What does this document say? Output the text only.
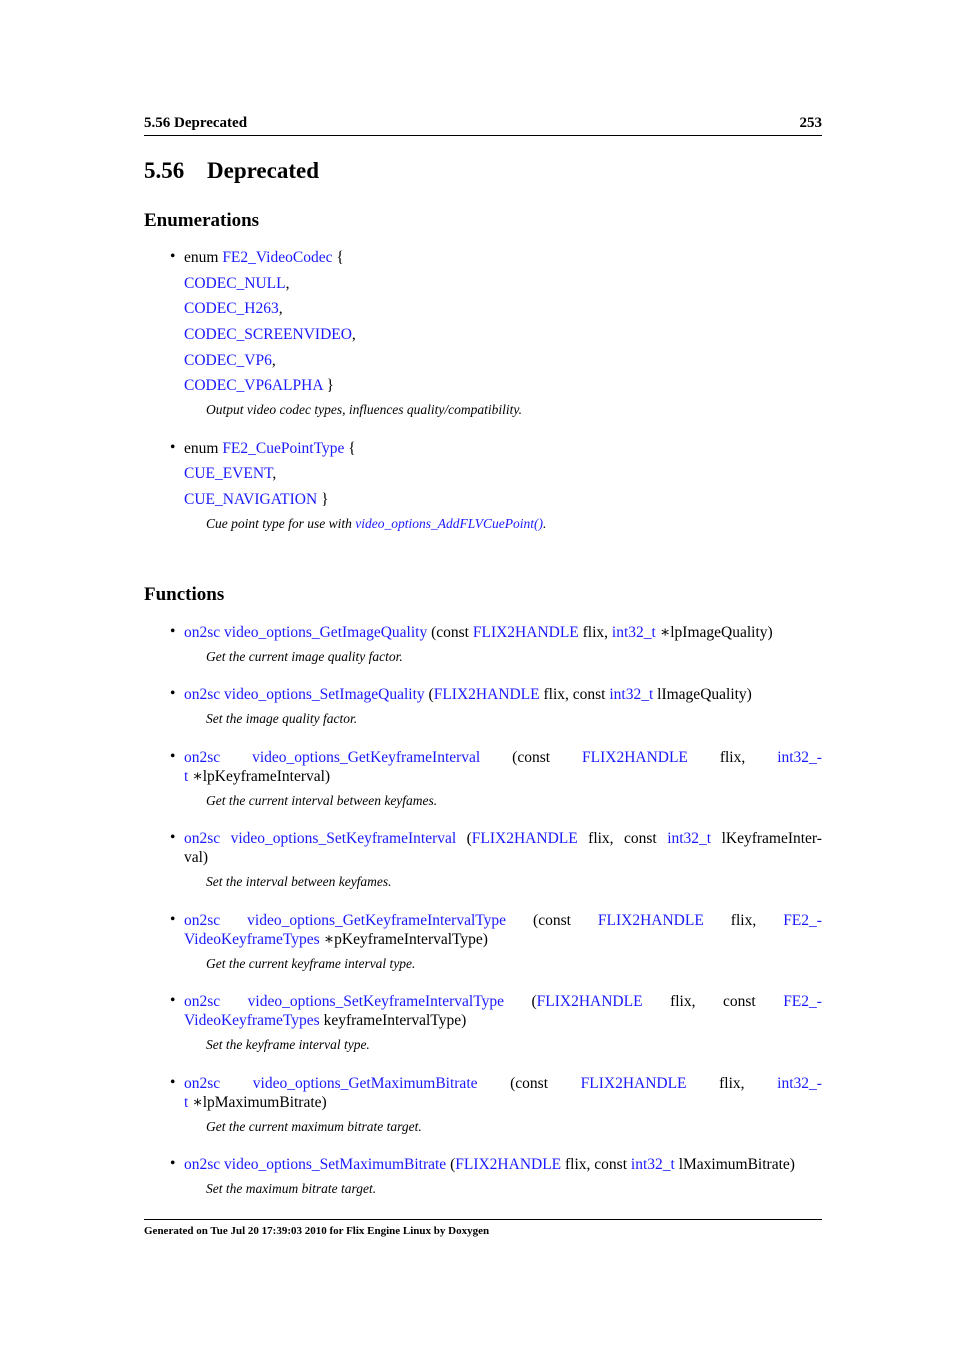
5.56 Deprecated	253
5.56 Deprecated
Enumerations
• enum FE2_VideoCodec {
CODEC_NULL,
CODEC_H263,
CODEC_SCREENVIDEO,
CODEC_VP6,
CODEC_VP6ALPHA }
Output video codec types, influences quality/compatibility.
• enum FE2_CuePointType {
CUE_EVENT,
CUE_NAVIGATION }
Cue point type for use with video_options_AddFLVCuePoint().
Functions
• on2sc video_options_GetImageQuality (const FLIX2HANDLE flix, int32_t ∗lpImageQuality)
Get the current image quality factor.
• on2sc video_options_SetImageQuality (FLIX2HANDLE flix, const int32_t lImageQuality)
Set the image quality factor.
• on2sc video_options_GetKeyframeInterval (const FLIX2HANDLE flix, int32_-
t ∗lpKeyframeInterval)
Get the current interval between keyfames.
• on2sc video_options_SetKeyframeInterval (FLIX2HANDLE flix, const int32_t lKeyframeInter-
val)
Set the interval between keyfames.
• on2sc video_options_GetKeyframeIntervalType (const FLIX2HANDLE flix, FE2_-
VideoKeyframeTypes ∗pKeyframeIntervalType)
Get the current keyframe interval type.
• on2sc video_options_SetKeyframeIntervalType (FLIX2HANDLE flix, const FE2_-
VideoKeyframeTypes keyframeIntervalType)
Set the keyframe interval type.
• on2sc video_options_GetMaximumBitrate (const FLIX2HANDLE flix, int32_-
t ∗lpMaximumBitrate)
Get the current maximum bitrate target.
• on2sc video_options_SetMaximumBitrate (FLIX2HANDLE flix, const int32_t lMaximumBitrate)
Set the maximum bitrate target.
Generated on Tue Jul 20 17:39:03 2010 for Flix Engine Linux by Doxygen
